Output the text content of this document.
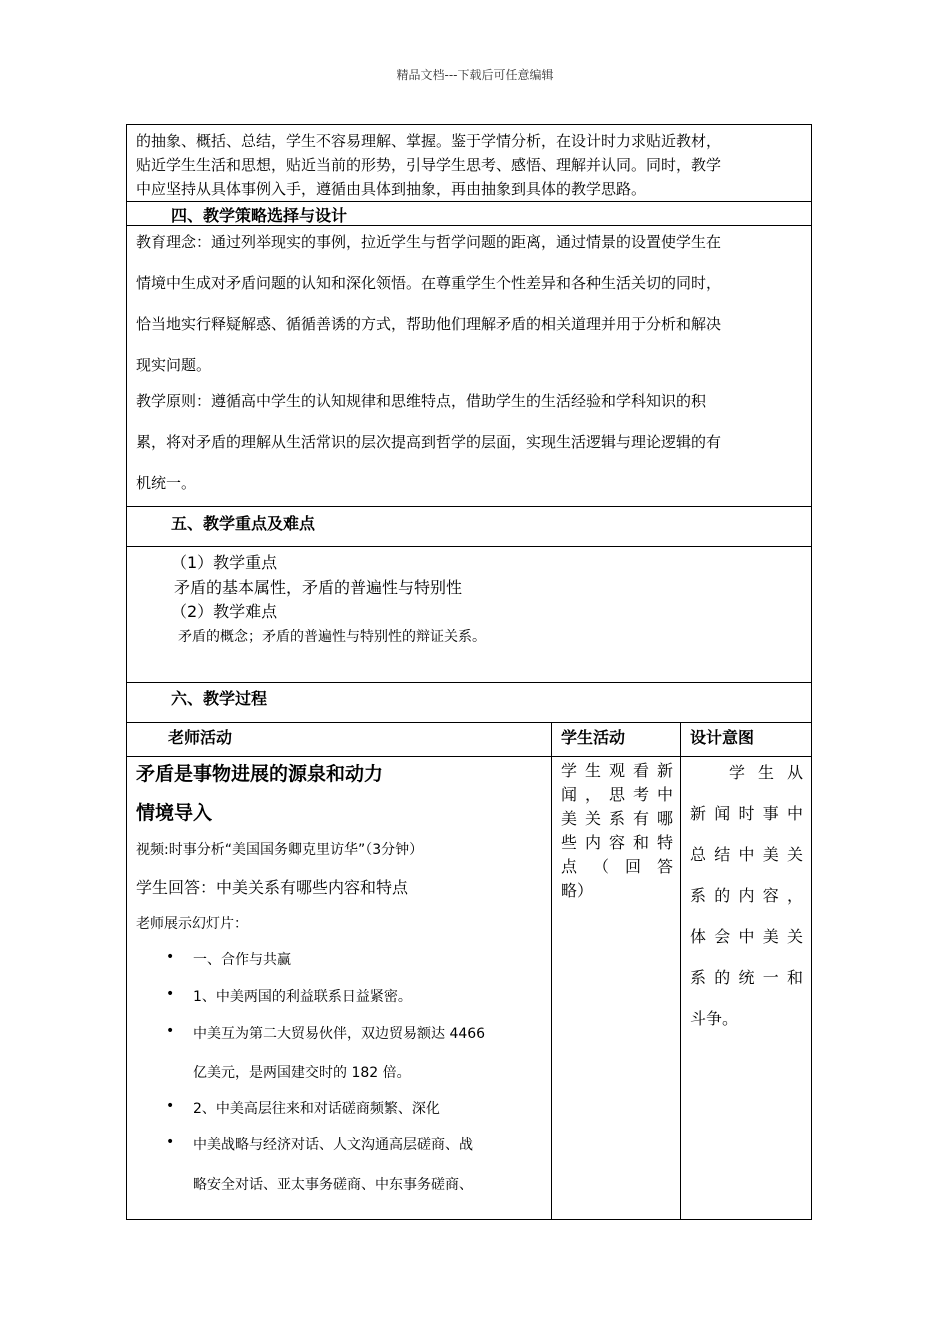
精品文档---下载后可任意编辑

的抽象、概括、总结，学生不容易理解、掌握。鉴于学情分析，在设计时力求贴近教材，

贴近学生生活和思想，贴近当前的形势，引导学生思考、感悟、理解并认同。同时，教学

中应坚持从具体事例入手，遵循由具体到抽象，再由抽象到具体的教学思路。

四、教学策略选择与设计

教育理念：通过列举现实的事例，拉近学生与哲学问题的距离，通过情景的设置使学生在

情境中生成对矛盾问题的认知和深化领悟。在尊重学生个性差异和各种生活关切的同时，

恰当地实行释疑解惑、循循善诱的方式，帮助他们理解矛盾的相关道理并用于分析和解决

现实问题。

教学原则：遵循高中学生的认知规律和思维特点，借助学生的生活经验和学科知识的积

累，将对矛盾的理解从生活常识的层次提高到哲学的层面，实现生活逻辑与理论逻辑的有

机统一。

五、教学重点及难点
（1）教学重点
矛盾的基本属性，矛盾的普遍性与特别性
（2）教学难点
矛盾的概念；矛盾的普遍性与特别性的辩证关系。
六、教学过程
老师活动	学生活动	设计意图
矛盾是事物进展的源泉和动力
情境导入
视频:时事分析“美国国务卿克里访华”（3分钟）
学生回答：中美关系有哪些内容和特点
老师展示幻灯片：
• 一、合作与共赢
• 1、中美两国的利益联系日益紧密。
• 中美互为第二大贸易伙伴，双边贸易额达 4466
亿美元，是两国建交时的 182 倍。
• 2、中美高层往来和对话磋商频繁、深化
• 中美战略与经济对话、人文沟通高层磋商、战
略安全对话、亚太事务磋商、中东事务磋商、
学生观看新
闻，思考中
美关系有哪
些内容和特
点（回答
略）
学生从
新闻时事中
总结中美关
系的内容，
体会中美关
系的统一和
斗争。
